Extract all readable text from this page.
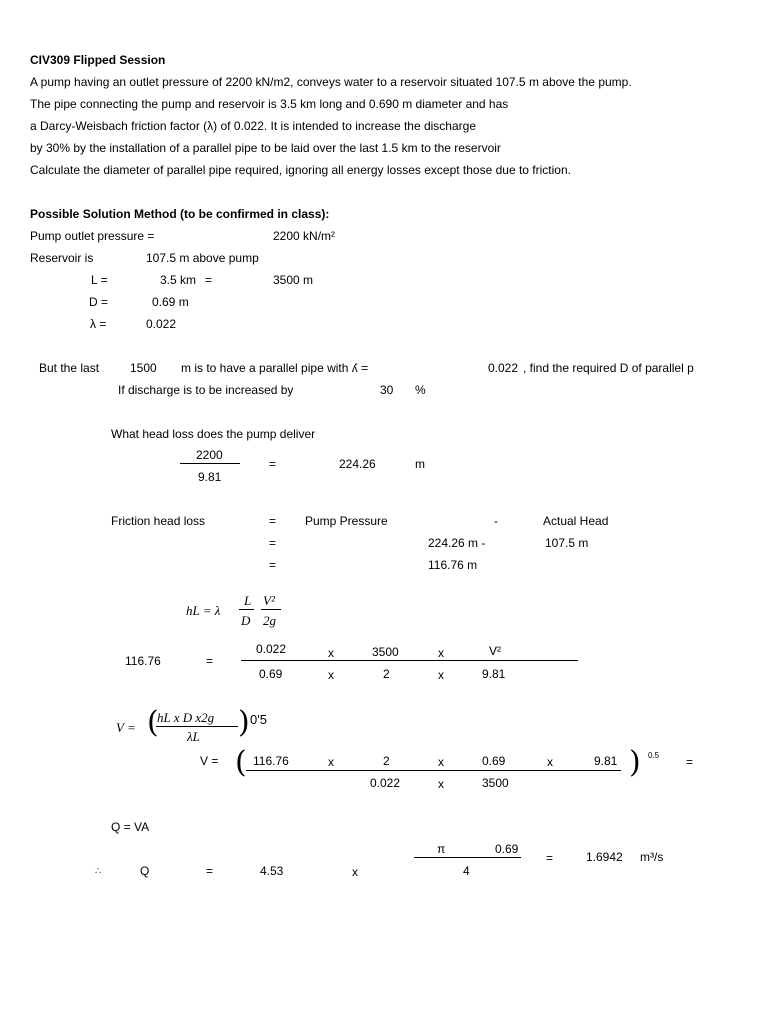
CIV309 Flipped Session
A pump having an outlet pressure of 2200 kN/m2, conveys water to a reservoir situated 107.5 m above the pump.
The pipe connecting the pump and reservoir is 3.5 km long and 0.690 m diameter and has
a Darcy-Weisbach friction factor (λ) of 0.022. It is intended to increase the discharge
by 30% by the installation of a parallel pipe to be laid over the last 1.5 km to the reservoir
Calculate the diameter of parallel pipe required, ignoring all energy losses except those due to friction.
Possible Solution Method (to be confirmed in class):
Pump outlet pressure =	2200 kN/m²
Reservoir is	107.5 m above pump
L =	3.5 km =	3500 m
D =	0.69 m
λ =	0.022
But the last	1500 m is to have a parallel pipe with ʎ =	0.022 , find the required D of parallel p
If discharge is to be increased by	30 %
What head loss does the pump deliver
2200
9.81
=	224.26	m
Friction head loss	= Pump Pressure	-	Actual Head
=	224.26 m -	107.5 m
=	116.76 m
hL = λ
L
D
V²
2g
116.76	=
0.022	x	3500	x	V²
0.69	x	2	x	9.81
V = (
hL x D x2g
λL ) 0'5
V = ( 116.76	x	2	x	0.69	x	9.81
0.022	x	3500
) 0.5 =
Q = VA
∴	Q	=	4.53	x
π	0.69
4
=	1.6942 m³/s
